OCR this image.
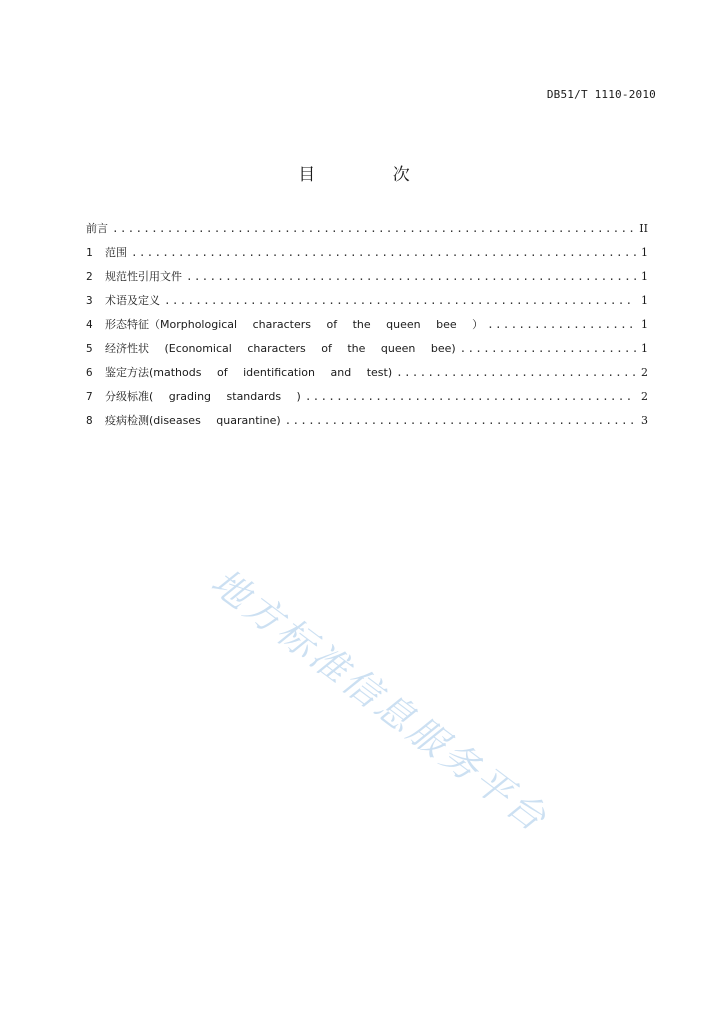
DB51/T 1110-2010
目 次
前言 .....	II
1	范围 .....	1
2	规范性引用文件 .....	1
3	术语及定义 .....	1
4	形态特征（Morphological characters of the queen bee ） .....	1
5	经济性状 (Economical characters of the queen bee) .....	1
6	鉴定方法(mathods of identification and test) .....	2
7	分级标准( grading standards ) .....	2
8	疫病检测(diseases quarantine) .....	3
地方标准信息服务平台
